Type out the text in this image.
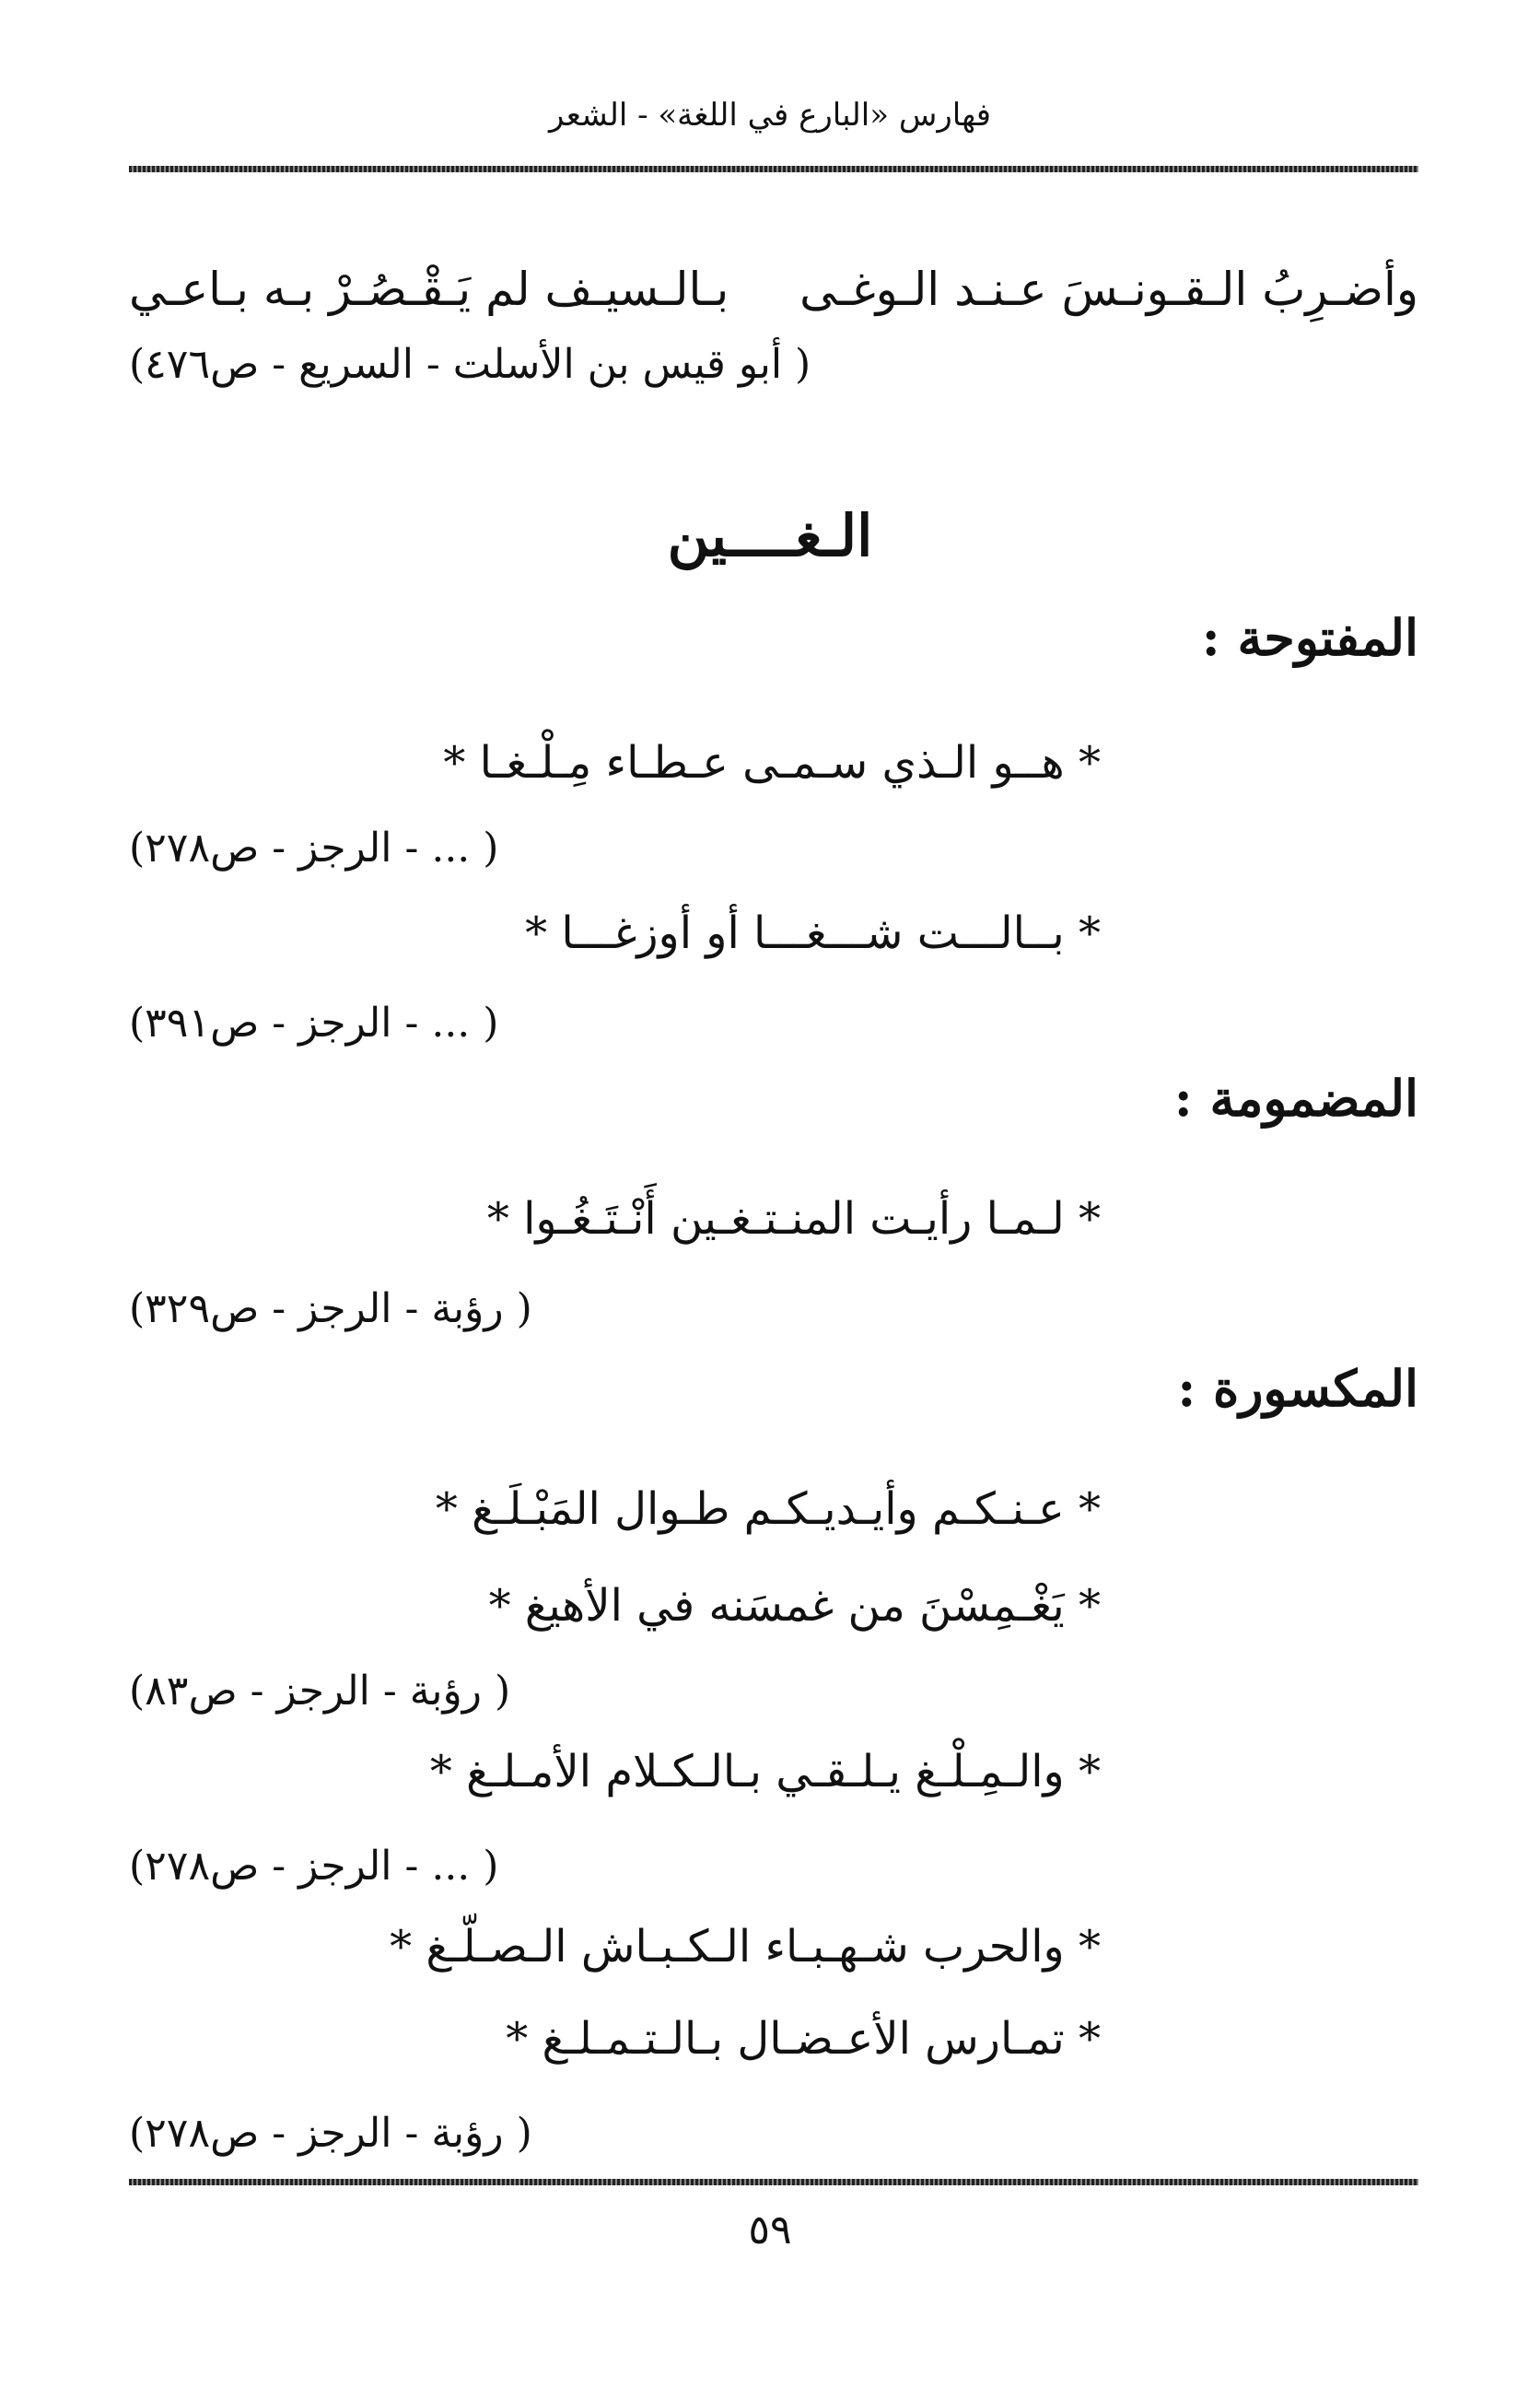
فهارس «البارع في اللغة» - الشعر
وأضـرِبُ الـقـونـسَ عـنـد الـوغـى
بـالـسيـف لم يَـقْـصُـرْ بـه بـاعـي
( أبو قيس بن الأسلت - السريع - ص٤٧٦)
الـغــــين
المفتوحة :
* هــو الـذي سـمـى عـطـاء مِـلْـغـا *
( ... - الرجز - ص٢٧٨)
* بــالـــت شـــغـــا أو أوزغـــا *
( ... - الرجز - ص٣٩١)
المضمومة :
* لـمـا رأيـت المنـتـغـين أَنْـتَـغُـوا *
( رؤبة - الرجز - ص٣٢٩)
المكسورة :
* عـنـكـم وأيـديـكـم طـوال المَبْـلَـغ *
* يَغْـمِسْنَ من غمسَنه في الأهيغ *
( رؤبة - الرجز - ص٨٣)
* والـمِـلْـغ يـلـقـي بـالـكـلام الأمـلـغ *
( ... - الرجز - ص٢٧٨)
* والحرب شـهـبـاء الـكـبـاش الـصـلّـغ *
* تمـارس الأعـضـال بـالـتـمـلـغ *
( رؤبة - الرجز - ص٢٧٨)
٥٩
